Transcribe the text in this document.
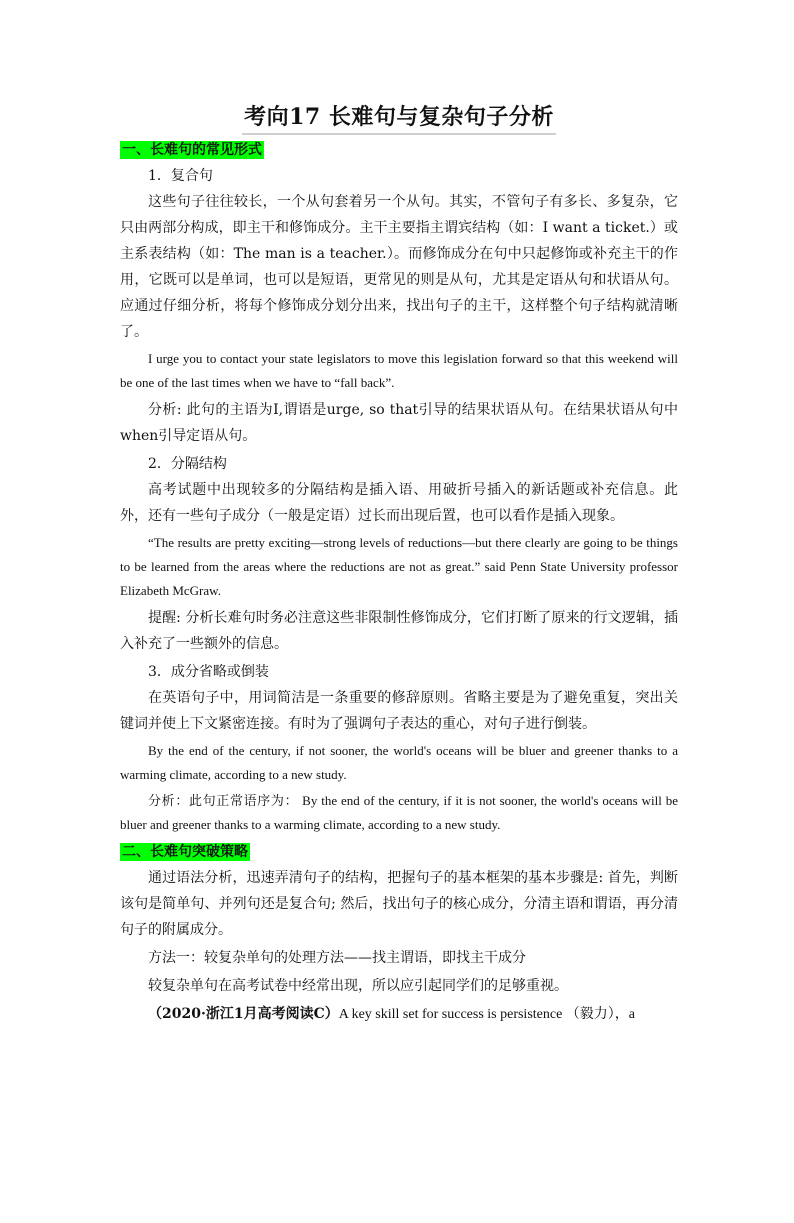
考向17 长难句与复杂句子分析
一、长难句的常见形式

1．复合句

这些句子往往较长，一个从句套着另一个从句。其实，不管句子有多长、多复杂，它只由两部分构成，即主干和修饰成分。主干主要指主谓宾结构（如：I want a ticket.）或主系表结构（如：The man is a teacher.）。而修饰成分在句中只起修饰或补充主干的作用，它既可以是单词，也可以是短语，更常见的则是从句，尤其是定语从句和状语从句。应通过仔细分析，将每个修饰成分划分出来，找出句子的主干，这样整个句子结构就清晰了。

I urge you to contact your state legislators to move this legislation forward so that this weekend will be one of the last times when we have to “fall back”.

分析: 此句的主语为I,谓语是urge, so that引导的结果状语从句。在结果状语从句中when引导定语从句。

2．分隔结构

高考试题中出现较多的分隔结构是插入语、用破折号插入的新话题或补充信息。此外，还有一些句子成分（一般是定语）过长而出现后置，也可以看作是插入现象。

“The results are pretty exciting—strong levels of reductions—but there clearly are going to be things to be learned from the areas where the reductions are not as great.” said Penn State University professor Elizabeth McGraw.

提醒: 分析长难句时务必注意这些非限制性修饰成分，它们打断了原来的行文逻辑，插入补充了一些额外的信息。

3．成分省略或倒装

在英语句子中，用词简洁是一条重要的修辞原则。省略主要是为了避免重复，突出关键词并使上下文紧密连接。有时为了强调句子表达的重心，对句子进行倒装。

By the end of the century, if not sooner, the world's oceans will be bluer and greener thanks to a warming climate, according to a new study.

分析：此句正常语序为： By the end of the century, if it is not sooner, the world's oceans will be bluer and greener thanks to a warming climate, according to a new study.

二、长难句突破策略

通过语法分析，迅速弄清句子的结构，把握句子的基本框架的基本步骤是: 首先，判断该句是简单句、并列句还是复合句; 然后，找出句子的核心成分，分清主语和谓语，再分清句子的附属成分。

方法一：较复杂单句的处理方法——找主谓语，即找主干成分

较复杂单句在高考试卷中经常出现，所以应引起同学们的足够重视。

（2020·浙江1月高考阅读C）A key skill set for success is persistence （毅力），a
